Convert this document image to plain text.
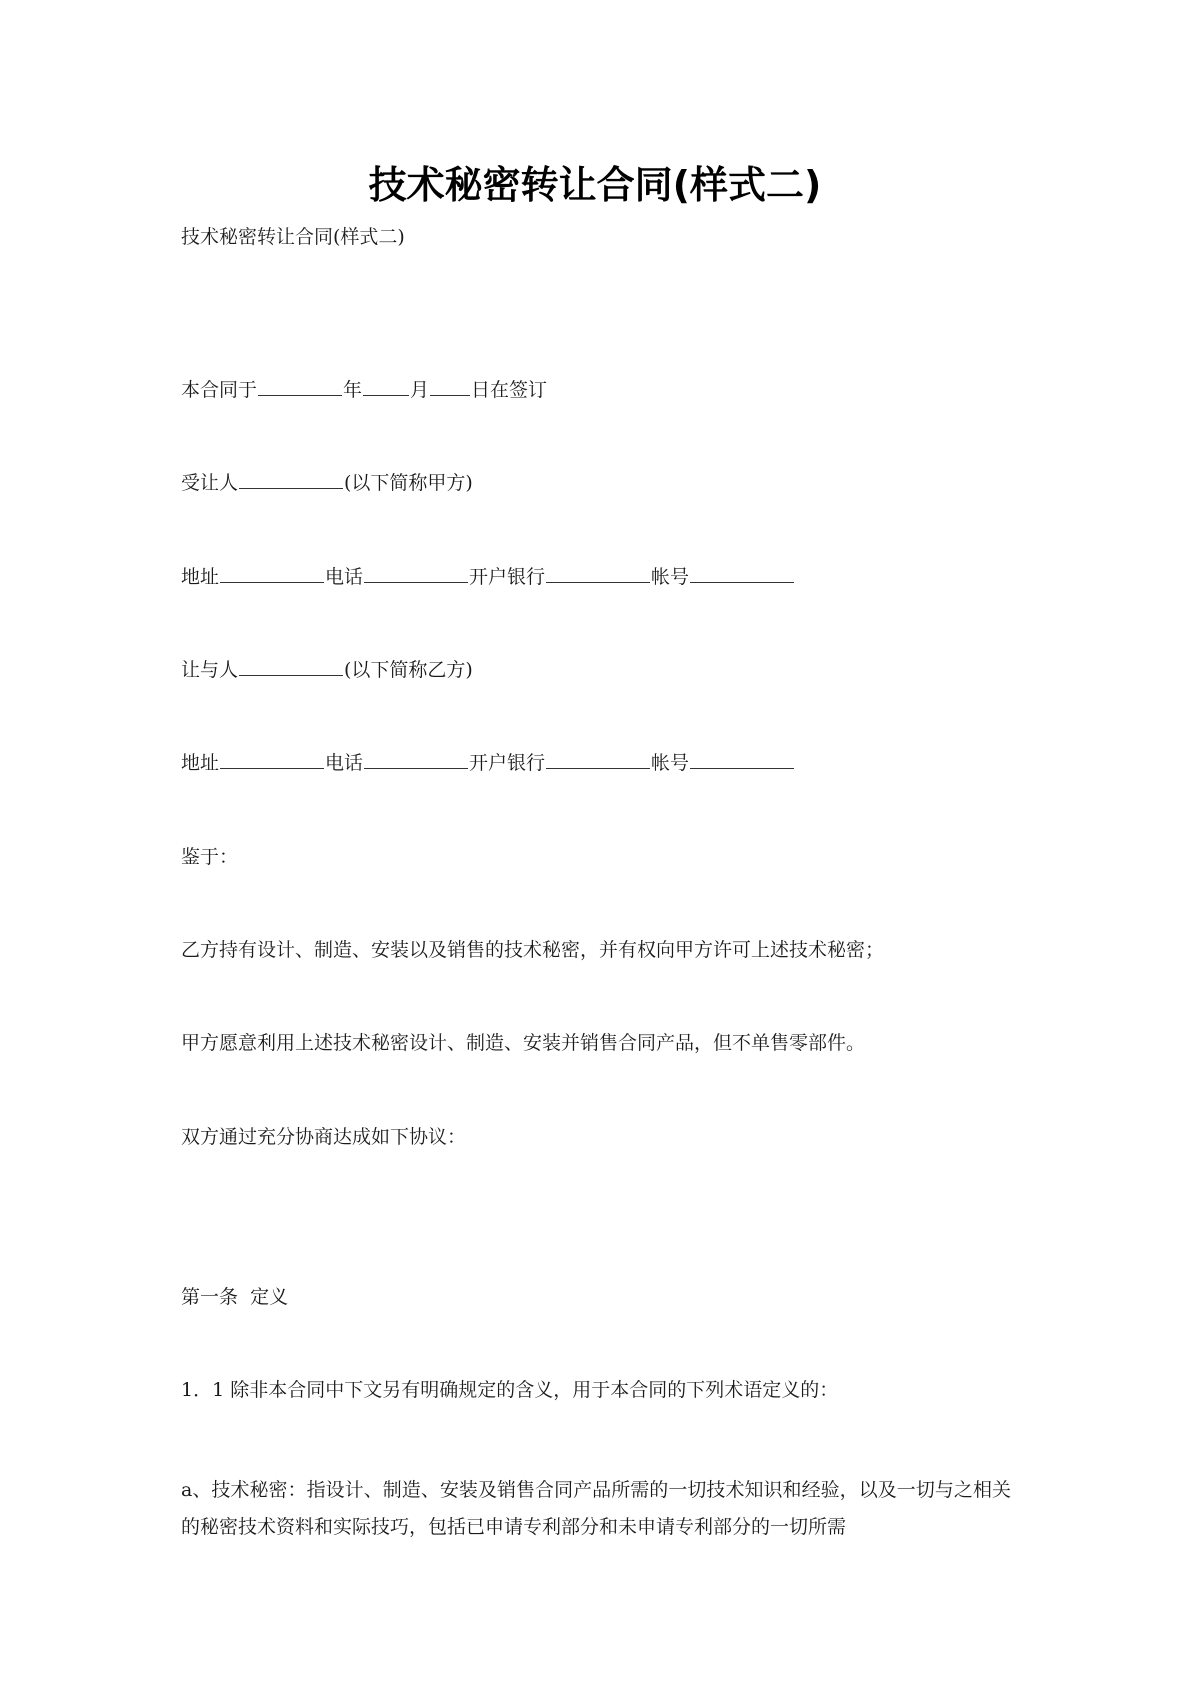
技术秘密转让合同(样式二)
技术秘密转让合同(样式二)
本合同于	年	月 日在签订
受让人	(以下简称甲方)
地址	电话	开户银行	帐号
让与人	(以下简称乙方)
地址	电话	开户银行	帐号
鉴于：
乙方持有设计、制造、安装以及销售的技术秘密，并有权向甲方许可上述技术秘密；
甲方愿意利用上述技术秘密设计、制造、安装并销售合同产品，但不单售零部件。
双方通过充分协商达成如下协议：
第一条  定义
1．1 除非本合同中下文另有明确规定的含义，用于本合同的下列术语定义的：
a、技术秘密：指设计、制造、安装及销售合同产品所需的一切技术知识和经验，以及一切与之相关的秘密技术资料和实际技巧，包括已申请专利部分和未申请专利部分的一切所需
